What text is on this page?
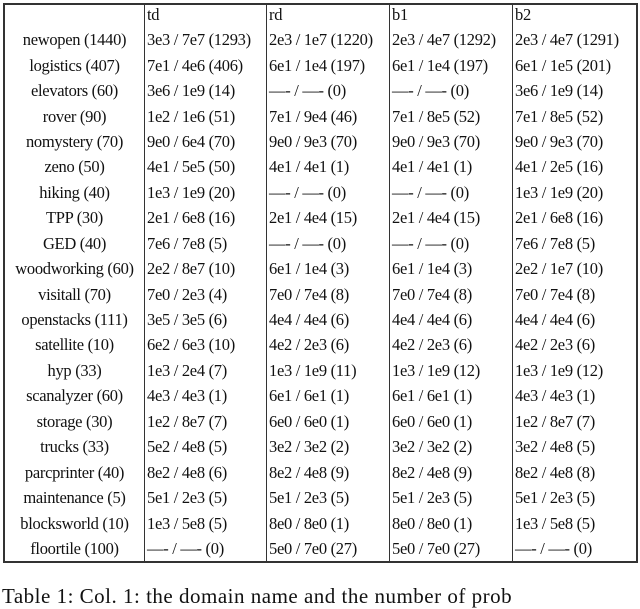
	td	rd	b1	b2
newopen (1440)	3e3 / 7e7 (1293)	2e3 / 1e7 (1220)	2e3 / 4e7 (1292)	2e3 / 4e7 (1291)
logistics (407)	7e1 / 4e6 (406)	6e1 / 1e4 (197)	6e1 / 1e4 (197)	6e1 / 1e5 (201)
elevators (60)	3e6 / 1e9 (14)	—- / —- (0)	—- / —- (0)	3e6 / 1e9 (14)
rover (90)	1e2 / 1e6 (51)	7e1 / 9e4 (46)	7e1 / 8e5 (52)	7e1 / 8e5 (52)
nomystery (70)	9e0 / 6e4 (70)	9e0 / 9e3 (70)	9e0 / 9e3 (70)	9e0 / 9e3 (70)
zeno (50)	4e1 / 5e5 (50)	4e1 / 4e1 (1)	4e1 / 4e1 (1)	4e1 / 2e5 (16)
hiking (40)	1e3 / 1e9 (20)	—- / —- (0)	—- / —- (0)	1e3 / 1e9 (20)
TPP (30)	2e1 / 6e8 (16)	2e1 / 4e4 (15)	2e1 / 4e4 (15)	2e1 / 6e8 (16)
GED (40)	7e6 / 7e8 (5)	—- / —- (0)	—- / —- (0)	7e6 / 7e8 (5)
woodworking (60)	2e2 / 8e7 (10)	6e1 / 1e4 (3)	6e1 / 1e4 (3)	2e2 / 1e7 (10)
visitall (70)	7e0 / 2e3 (4)	7e0 / 7e4 (8)	7e0 / 7e4 (8)	7e0 / 7e4 (8)
openstacks (111)	3e5 / 3e5 (6)	4e4 / 4e4 (6)	4e4 / 4e4 (6)	4e4 / 4e4 (6)
satellite (10)	6e2 / 6e3 (10)	4e2 / 2e3 (6)	4e2 / 2e3 (6)	4e2 / 2e3 (6)
hyp (33)	1e3 / 2e4 (7)	1e3 / 1e9 (11)	1e3 / 1e9 (12)	1e3 / 1e9 (12)
scanalyzer (60)	4e3 / 4e3 (1)	6e1 / 6e1 (1)	6e1 / 6e1 (1)	4e3 / 4e3 (1)
storage (30)	1e2 / 8e7 (7)	6e0 / 6e0 (1)	6e0 / 6e0 (1)	1e2 / 8e7 (7)
trucks (33)	5e2 / 4e8 (5)	3e2 / 3e2 (2)	3e2 / 3e2 (2)	3e2 / 4e8 (5)
parcprinter (40)	8e2 / 4e8 (6)	8e2 / 4e8 (9)	8e2 / 4e8 (9)	8e2 / 4e8 (8)
maintenance (5)	5e1 / 2e3 (5)	5e1 / 2e3 (5)	5e1 / 2e3 (5)	5e1 / 2e3 (5)
blocksworld (10)	1e3 / 5e8 (5)	8e0 / 8e0 (1)	8e0 / 8e0 (1)	1e3 / 5e8 (5)
floortile (100)	—- / —- (0)	5e0 / 7e0 (27)	5e0 / 7e0 (27)	—- / —- (0)
Table 1: Col. 1: the domain name and the number of prob
